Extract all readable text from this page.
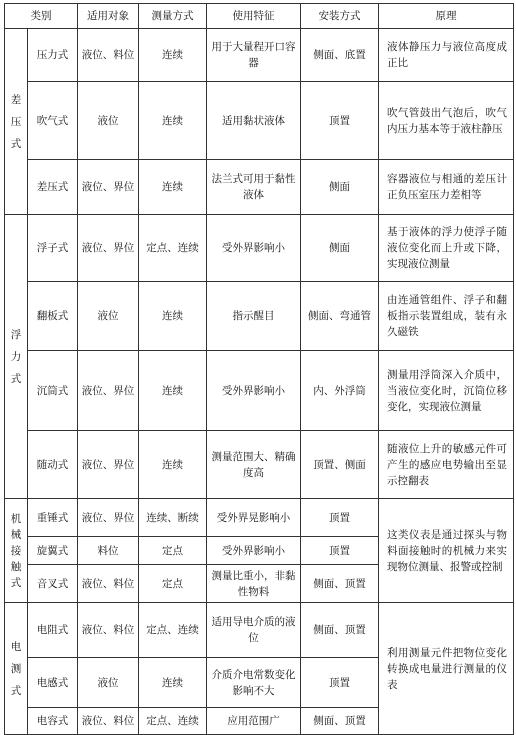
类别		适用对象	测量方式	使用特征	安装方式	原理

差压式	压力式	液位、料位	连续	用于大量程开口容器	侧面、底置	液体静压力与液位高度成正比
	吹气式	液位	连续	适用黏状液体	顶置	吹气管鼓出气泡后，吹气内压力基本等于液柱静压
	差压式	液位、界位	连续	法兰式可用于黏性液体	侧面	容器液位与相通的差压计正负压室压力差相等

浮力式	浮子式	液位、界位	定点、连续	受外界影响小	侧面	基于液体的浮力使浮子随液位变化而上升或下降，实现液位测量
	翻板式	液位	连续	指示醒目	侧面、弯通管	由连通管组件、浮子和翻板指示装置组成，装有永久磁铁
	沉筒式	液位、界位	连续	受外界影响小	内、外浮筒	测量用浮筒深入介质中，当液位变化时，沉筒位移变化，实现液位测量
	随动式	液位、界位	连续	测量范围大、精确度高	顶置、侧面	随液位上升的敏感元件可产生的感应电势输出至显示控翻表

机械接触式	重锤式	液位、界位	连续、断续	受外界晃影响小	顶置	这类仪表是通过探头与物料面接触时的机械力来实现物位测量、报警或控制
	旋翼式	料位	定点	受外界影响小	顶置	
	音叉式	液位、料位	定点	测量比重小，非黏性物料	侧面、顶置	

电测式	电阻式	液位、料位	定点、连续	适用导电介质的液位	侧面、顶置	利用测量元件把物位变化转换成电量进行测量的仪表
	电感式	液位	连续	介质介电常数变化影响不大	顶置	
	电容式	液位、料位	定点、连续	应用范围广	侧面、顶置	
